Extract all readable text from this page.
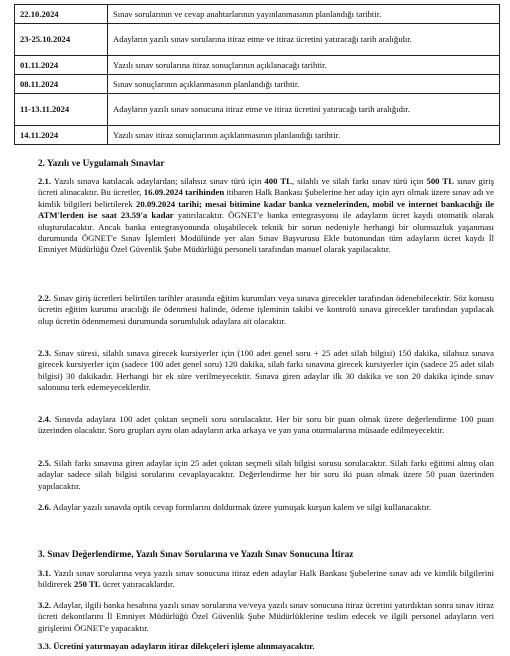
22.10.2024	Sınav sorularının ve cevap anahtarlarının yayınlanmasının planlandığı tarihtir.
23-25.10.2024	Adayların yazılı sınav sorularına itiraz etme ve itiraz ücretini yatıracağı tarih aralığıdır.
01.11.2024	Yazılı sınav sorularına itiraz sonuçlarının açıklanacağı tarihtir.
08.11.2024	Sınav sonuçlarının açıklanmasının planlandığı tarihtir.
11-13.11.2024	Adayların yazılı sınav sonucuna itiraz etme ve itiraz ücretini yatıracağı tarih aralığıdır.
14.11.2024	Yazılı sınav itiraz sonuçlarının açıklanmasının planlandığı tarihtir.
2. Yazılı ve Uygulamalı Sınavlar
2.1. Yazılı sınava katılacak adaylardan; silahsız sınav türü için 400 TL, silahlı ve silah farkı sınav türü için 500 TL sınav giriş ücreti alınacaktır. Bu ücretler, 16.09.2024 tarihinden itibaren Halk Bankası Şubelerine her aday için ayrı olmak üzere sınav adı ve kimlik bilgileri belirtilerek 20.09.2024 tarihi; mesai bitimine kadar banka veznelerinden, mobil ve internet bankacılığı ile ATM'lerden ise saat 23.59'a kadar yatırılacaktır. ÖGNET'e banka entegrasyonu ile adayların ücret kaydı otomatik olarak oluşturulacaktır. Ancak banka entegrasyonunda oluşabilecek teknik bir sorun nedeniyle herhangi bir olumsuzluk yaşanması durumunda ÖGNET'e Sınav İşlemleri Modülünde yer alan Sınav Başvurusu Ekle butonundan tüm adayların ücret kaydı İl Emniyet Müdürlüğü Özel Güvenlik Şube Müdürlüğü personeli tarafından manuel olarak yapılacaktır.
2.2. Sınav giriş ücretleri belirtilen tarihler arasında eğitim kurumları veya sınava girecekler tarafından ödenebilecektir. Söz konusu ücretin eğitim kurumu aracılığı ile ödenmesi halinde, ödeme işleminin takibi ve kontrolü sınava girecekler tarafından yapılacak olup ücretin ödenmemesi durumunda sorumluluk adaylara ait olacaktır.
2.3. Sınav süresi, silahlı sınava girecek kursiyerler için (100 adet genel soru + 25 adet silah bilgisi) 150 dakika, silahsız sınava girecek kursiyerler için (sadece 100 adet genel soru) 120 dakika, silah farkı sınavına girecek kursiyerler için (sadece 25 adet silah bilgisi) 30 dakikadır. Herhangi bir ek süre verilmeyecektir. Sınava giren adaylar ilk 30 dakika ve son 20 dakika içinde sınav salonunu terk edemeyeceklerdir.
2.4. Sınavda adaylara 100 adet çoktan seçmeli soru sorulacaktır. Her bir soru bir puan olmak üzere değerlendirme 100 puan üzerinden olacaktır. Soru grupları aynı olan adayların arka arkaya ve yan yana oturmalarına müsaade edilmeyecektir.
2.5. Silah farkı sınavına giren adaylar için 25 adet çoktan seçmeli silah bilgisi sorusu sorulacaktır. Silah farkı eğitimi almış olan adaylar sadece silah bilgisi sorularını cevaplayacaktır. Değerlendirme her bir soru iki puan olmak üzere 50 puan üzerinden yapılacaktır.
2.6. Adaylar yazılı sınavda optik cevap formlarını doldurmak üzere yumuşak kurşun kalem ve silgi kullanacaktır.
3. Sınav Değerlendirme, Yazılı Sınav Sorularına ve Yazılı Sınav Sonucuna İtiraz
3.1. Yazılı sınav sorularına veya yazılı sınav sonucuna itiraz eden adaylar Halk Bankası Şubelerine sınav adı ve kimlik bilgilerini bildirerek 250 TL ücret yatıracaklardır.
3.2. Adaylar, ilgili banka hesabına yazılı sınav sorularına ve/veya yazılı sınav sonucuna itiraz ücretini yatırdıktan sonra sınav itiraz ücreti dekontlarını İl Emniyet Müdürlüğü Özel Güvenlik Şube Müdürlüklerine teslim edecek ve ilgili personel adayların veri girişlerini ÖGNET'e yapacaktır.
3.3. Ücretini yatırmayan adayların itiraz dilekçeleri işleme alınmayacaktır.
